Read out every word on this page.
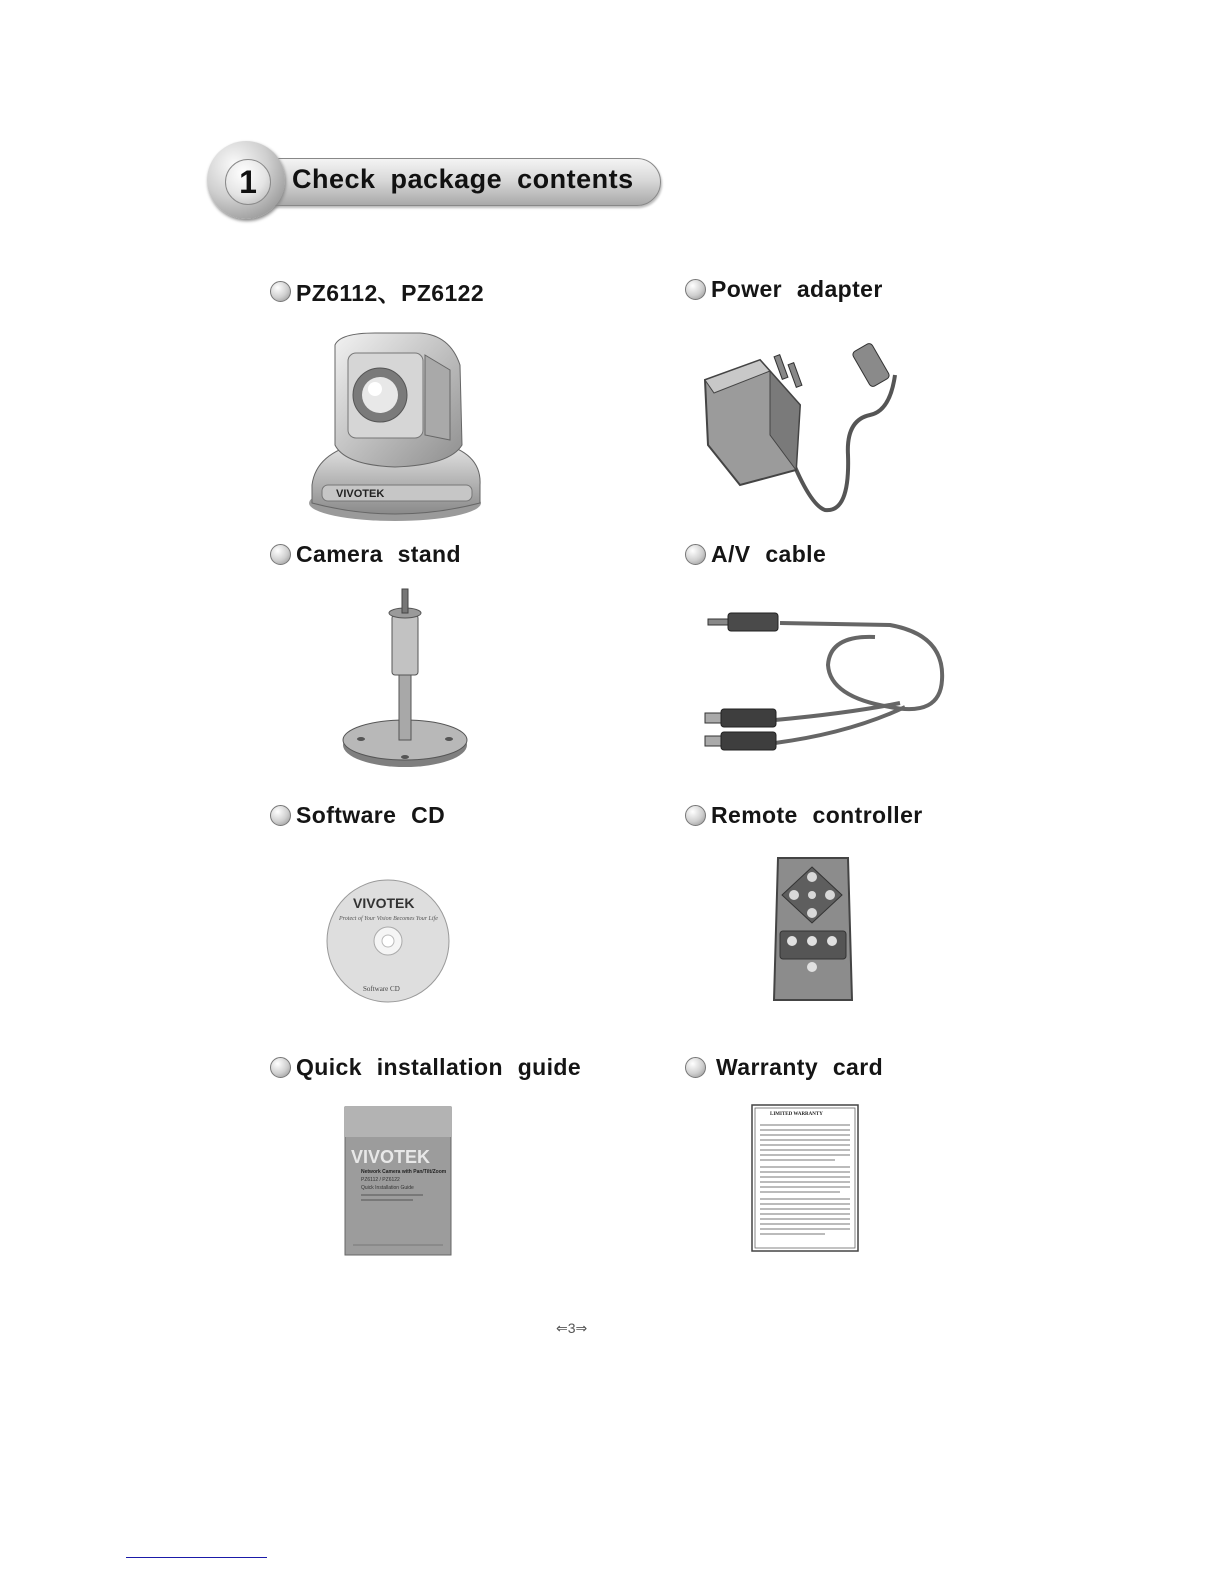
Check package contents
1
PZ6112、PZ6122	Power adapter
Camera stand	A/V cable
Software CD	Remote controller
Quick installation guide	Warranty card
VIVOTEK
VIVOTEK
Protect of Your Vision Becomes Your Life
Software CD
VIVOTEK
Network Camera with Pan/Tilt/Zoom
PZ6112 / PZ6122
Quick Installation Guide
LIMITED WARRANTY
⇐3⇒
